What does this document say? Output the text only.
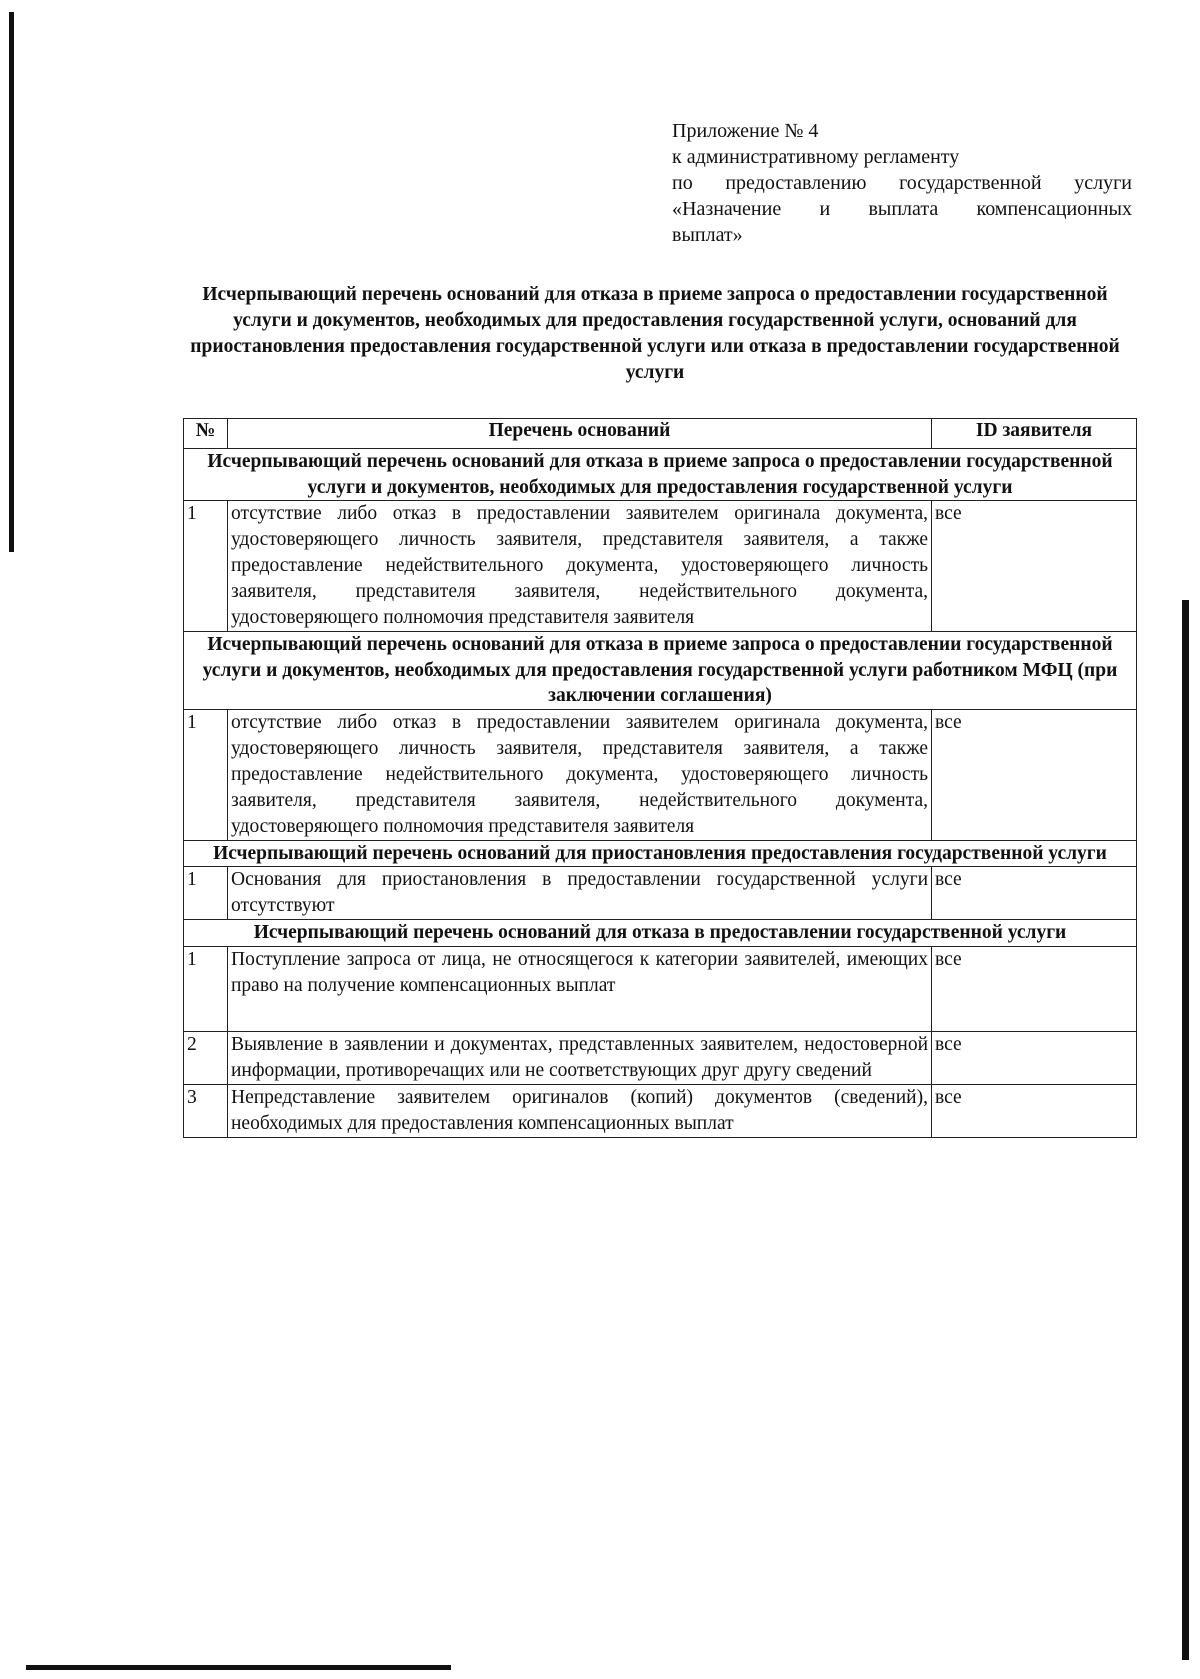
Приложение № 4
к административному регламенту
по предоставлению государственной услуги
«Назначение и выплата компенсационных
выплат»
Исчерпывающий перечень оснований для отказа в приеме запроса о предоставлении государственной услуги и документов, необходимых для предоставления государственной услуги, оснований для приостановления предоставления государственной услуги или отказа в предоставлении государственной услуги
№	Перечень оснований	ID заявителя
Исчерпывающий перечень оснований для отказа в приеме запроса о предоставлении государственной услуги и документов, необходимых для предоставления государственной услуги		
1	отсутствие либо отказ в предоставлении заявителем оригинала документа, удостоверяющего личность заявителя, представителя заявителя, а также предоставление недействительного документа, удостоверяющего личность заявителя, представителя заявителя, недействительного документа, удостоверяющего полномочия представителя заявителя	все
Исчерпывающий перечень оснований для отказа в приеме запроса о предоставлении государственной услуги и документов, необходимых для предоставления государственной услуги работником МФЦ (при заключении соглашения)		
1	отсутствие либо отказ в предоставлении заявителем оригинала документа, удостоверяющего личность заявителя, представителя заявителя, а также предоставление недействительного документа, удостоверяющего личность заявителя, представителя заявителя, недействительного документа, удостоверяющего полномочия представителя заявителя	все
Исчерпывающий перечень оснований для приостановления предоставления государственной услуги		
1	Основания для приостановления в предоставлении государственной услуги отсутствуют	все
Исчерпывающий перечень оснований для отказа в предоставлении государственной услуги		
1	Поступление запроса от лица, не относящегося к категории заявителей, имеющих право на получение компенсационных выплат	все
2	Выявление в заявлении и документах, представленных заявителем, недостоверной информации, противоречащих или не соответствующих друг другу сведений	все
3	Непредставление заявителем оригиналов (копий) документов (сведений), необходимых для предоставления компенсационных выплат	все
